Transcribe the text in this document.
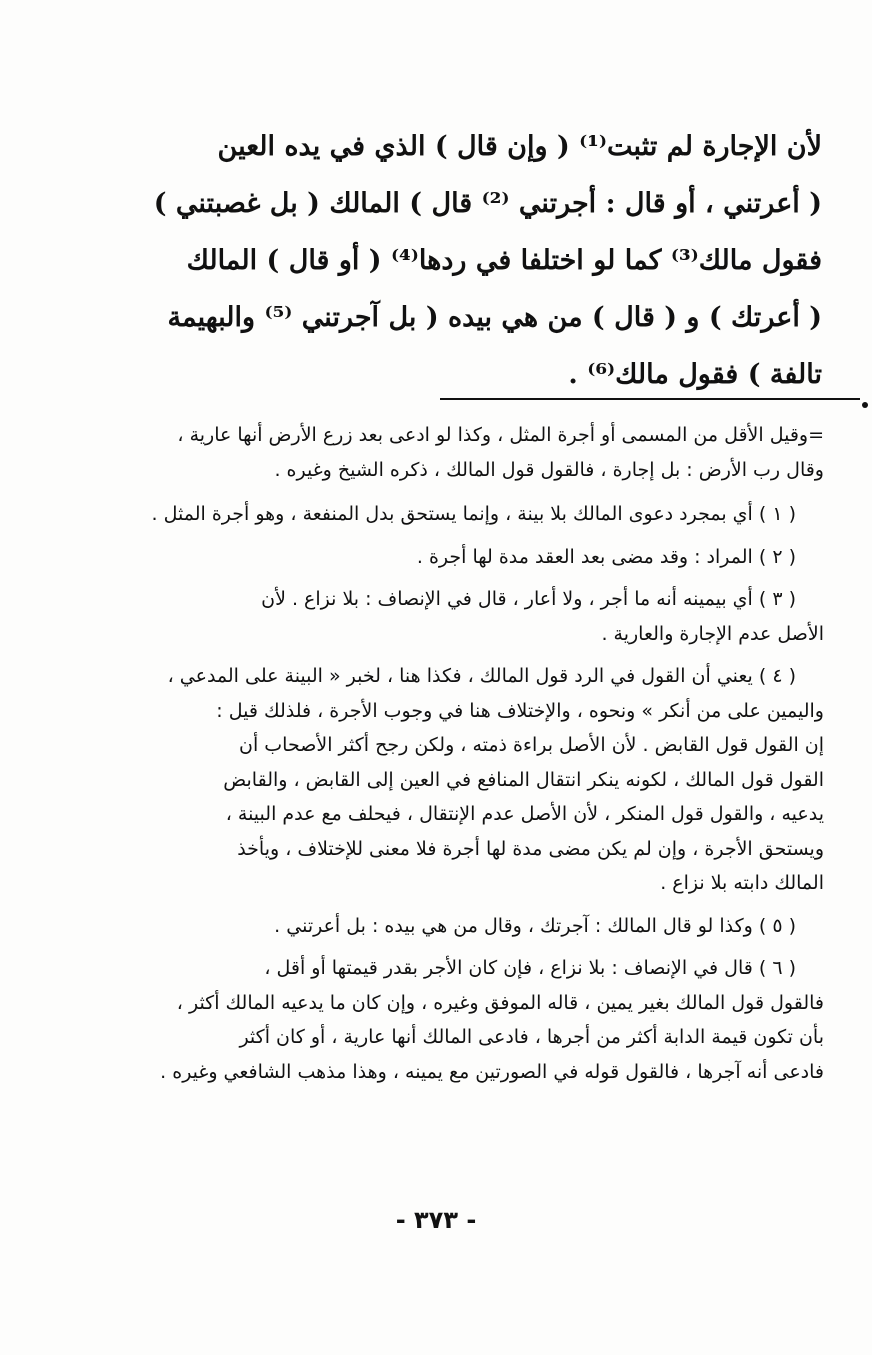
لأن الإجارة لم تثبت⁽¹⁾ ( وإن قال ) الذي في يده العين
( أعرتني ، أو قال : أجرتني ⁽²⁾ قال ) المالك ( بل غصبتني )
فقول مالك⁽³⁾ كما لو اختلفا في ردها⁽⁴⁾ ( أو قال ) المالك
( أعرتك ) و ( قال ) من هي بيده ( بل آجرتني ⁽⁵⁾ والبهيمة
تالفة ) فقول مالك⁽⁶⁾ .
=وقيل الأقل من المسمى أو أجرة المثل ، وكذا لو ادعى بعد زرع الأرض أنها عارية ،
وقال رب الأرض : بل إجارة ، فالقول قول المالك ، ذكره الشيخ وغيره .
( ١ ) أي بمجرد دعوى المالك بلا بينة ، وإنما يستحق بدل المنفعة ، وهو أجرة المثل .
( ٢ ) المراد : وقد مضى بعد العقد مدة لها أجرة .
( ٣ ) أي بيمينه أنه ما أجر ، ولا أعار ، قال في الإنصاف : بلا نزاع . لأن
الأصل عدم الإجارة والعارية .
( ٤ ) يعني أن القول في الرد قول المالك ، فكذا هنا ، لخبر « البينة على المدعي ،
واليمين على من أنكر » ونحوه ، والإختلاف هنا في وجوب الأجرة ، فلذلك قيل :
إن القول قول القابض . لأن الأصل براءة ذمته ، ولكن رجح أكثر الأصحاب أن
القول قول المالك ، لكونه ينكر انتقال المنافع في العين إلى القابض ، والقابض
يدعيه ، والقول قول المنكر ، لأن الأصل عدم الإنتقال ، فيحلف مع عدم البينة ،
ويستحق الأجرة ، وإن لم يكن مضى مدة لها أجرة فلا معنى للإختلاف ، ويأخذ
المالك دابته بلا نزاع .
( ٥ ) وكذا لو قال المالك : آجرتك ، وقال من هي بيده : بل أعرتني .
( ٦ ) قال في الإنصاف : بلا نزاع ، فإن كان الأجر بقدر قيمتها أو أقل ،
فالقول قول المالك بغير يمين ، قاله الموفق وغيره ، وإن كان ما يدعيه المالك أكثر ،
بأن تكون قيمة الدابة أكثر من أجرها ، فادعى المالك أنها عارية ، أو كان أكثر
فادعى أنه آجرها ، فالقول قوله في الصورتين مع يمينه ، وهذا مذهب الشافعي وغيره .
- ٣٧٣ -
